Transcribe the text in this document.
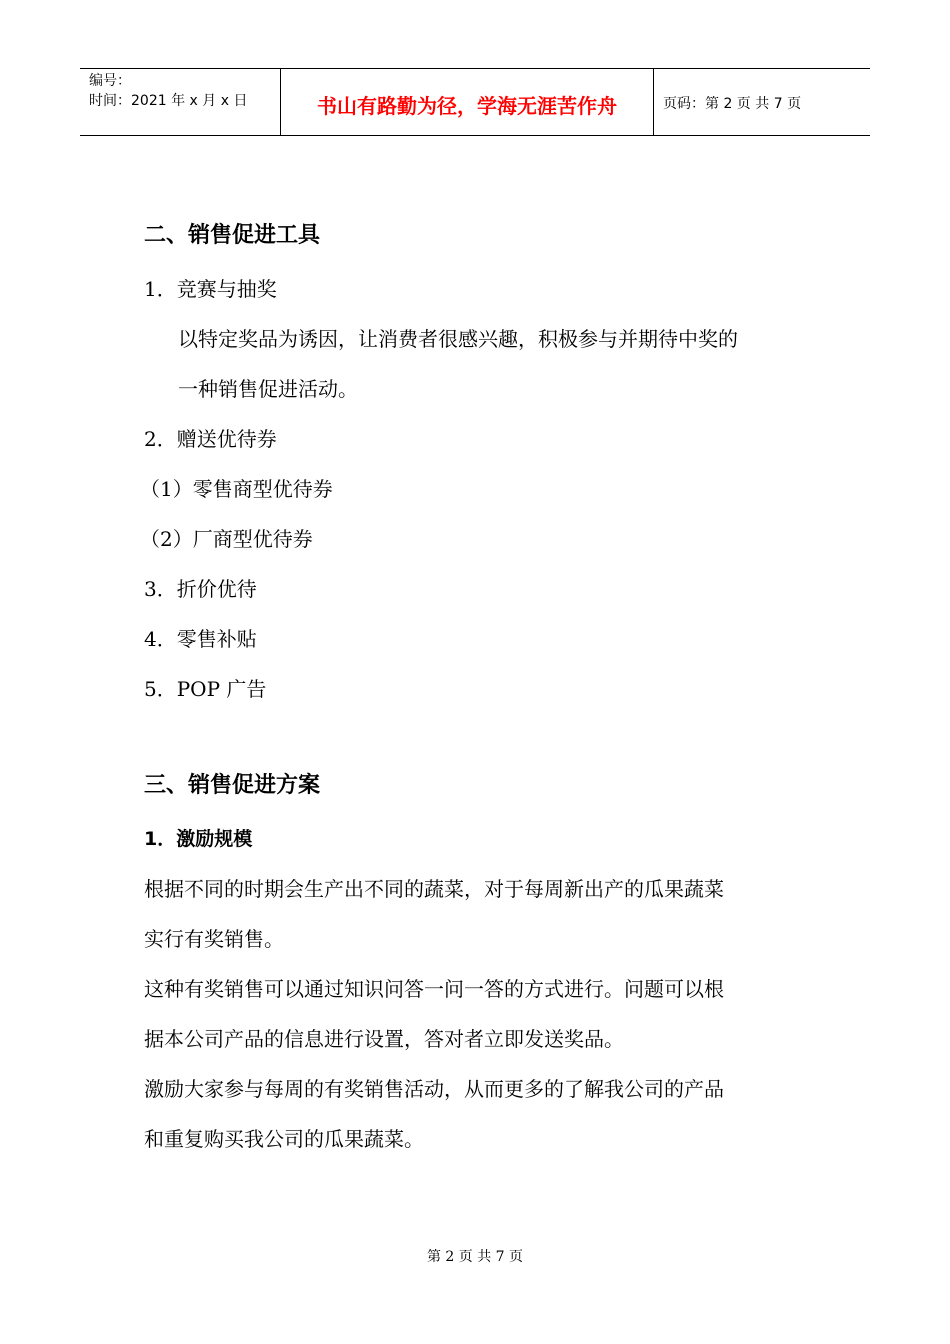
编号：
时间：2021 年 x 月 x 日	书山有路勤为径，学海无涯苦作舟	页码：第 2 页 共 7 页
二、销售促进工具
1．竞赛与抽奖
以特定奖品为诱因，让消费者很感兴趣，积极参与并期待中奖的
一种销售促进活动。
2．赠送优待券
（1）零售商型优待券
（2）厂商型优待券
3．折价优待
4．零售补贴
5．POP 广告
三、销售促进方案
1．激励规模
根据不同的时期会生产出不同的蔬菜，对于每周新出产的瓜果蔬菜
实行有奖销售。
这种有奖销售可以通过知识问答一问一答的方式进行。问题可以根
据本公司产品的信息进行设置，答对者立即发送奖品。
激励大家参与每周的有奖销售活动，从而更多的了解我公司的产品
和重复购买我公司的瓜果蔬菜。
第 2 页 共 7 页
